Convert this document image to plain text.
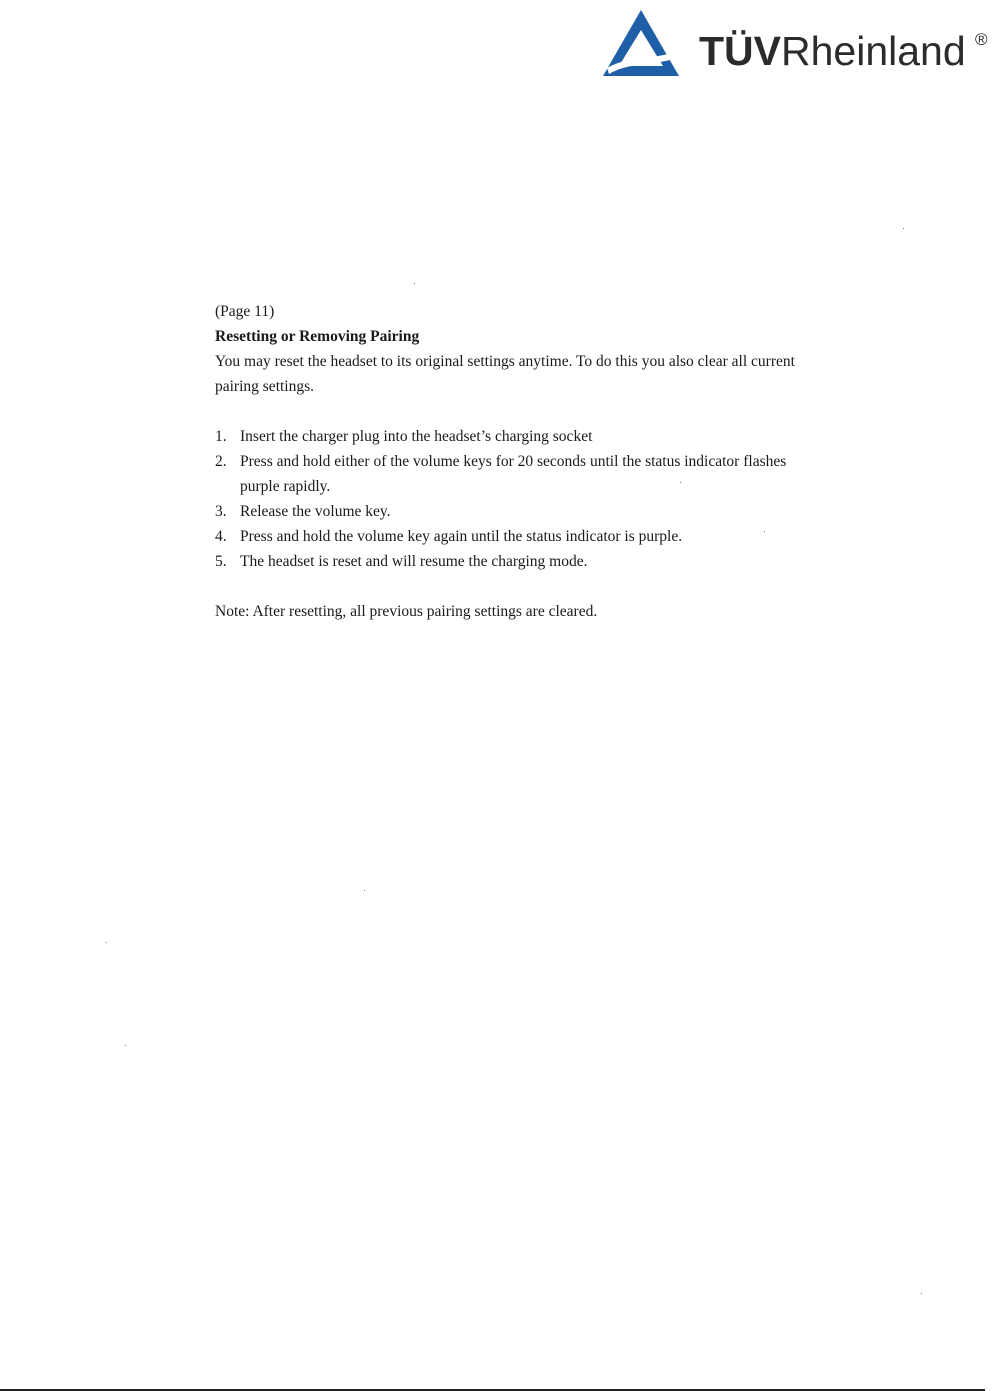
TÜVRheinland ®

(Page 11)

Resetting or Removing Pairing

You may reset the headset to its original settings anytime. To do this you also clear all current pairing settings.

1. Insert the charger plug into the headset’s charging socket
2. Press and hold either of the volume keys for 20 seconds until the status indicator flashes purple rapidly.
3. Release the volume key.
4. Press and hold the volume key again until the status indicator is purple.
5. The headset is reset and will resume the charging mode.

Note: After resetting, all previous pairing settings are cleared.
